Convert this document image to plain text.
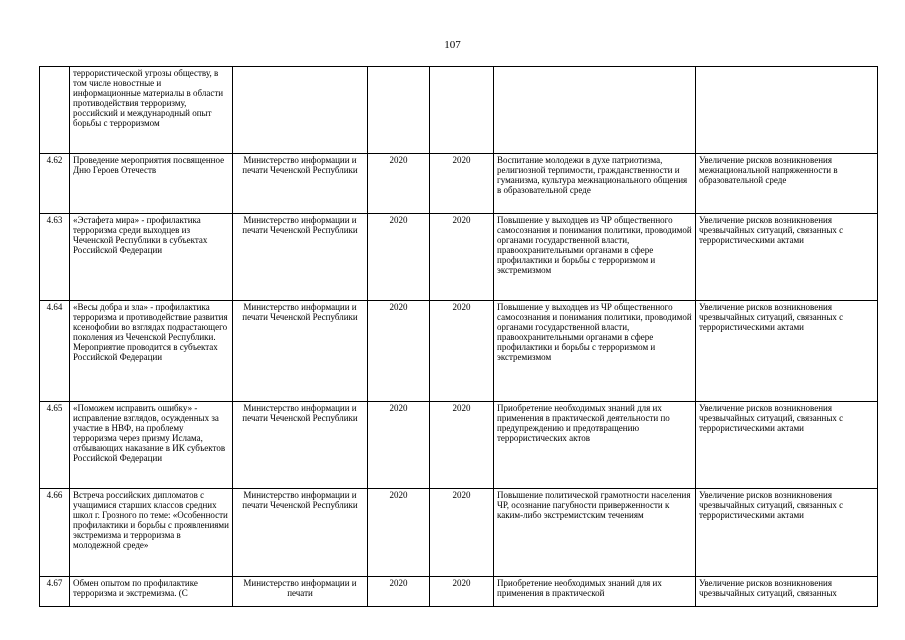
107
	террористической угрозы обществу, в том числе новостные и информационные материалы в области противодействия терроризму, российский и международный опыт борьбы с терроризмом					
4.62	Проведение мероприятия посвященное Дню Героев Отечеств	Министерство информации и печати Чеченской Республики	2020	2020	Воспитание молодежи в духе патриотизма, религиозной терпимости, гражданственности и гуманизма, культура межнационального общения в образовательной среде	Увеличение рисков возникновения межнациональной напряженности в образовательной среде
4.63	«Эстафета мира» - профилактика терроризма среди выходцев из Чеченской Республики в субъектах Российской Федерации	Министерство информации и печати Чеченской Республики	2020	2020	Повышение у выходцев из ЧР общественного самосознания и понимания политики, проводимой органами государственной власти, правоохранительными органами в сфере профилактики и борьбы с терроризмом и экстремизмом	Увеличение рисков возникновения чрезвычайных ситуаций, связанных с террористическими актами
4.64	«Весы добра и зла» - профилактика терроризма и противодействие развития ксенофобии во взглядах подрастающего поколения из Чеченской Республики. Мероприятие проводится в субъектах Российской Федерации	Министерство информации и печати Чеченской Республики	2020	2020	Повышение у выходцев из ЧР общественного самосознания и понимания политики, проводимой органами государственной власти, правоохранительными органами в сфере профилактики и борьбы с терроризмом и экстремизмом	Увеличение рисков возникновения чрезвычайных ситуаций, связанных с террористическими актами
4.65	«Поможем исправить ошибку» - исправление взглядов, осужденных за участие в НВФ, на проблему терроризма через призму Ислама, отбывающих наказание в ИК субъектов Российской Федерации	Министерство информации и печати Чеченской Республики	2020	2020	Приобретение необходимых знаний для их применения в практической деятельности по предупреждению и предотвращению террористических актов	Увеличение рисков возникновения чрезвычайных ситуаций, связанных с террористическими актами
4.66	Встреча российских дипломатов с учащимися старших классов средних школ г. Грозного по теме: «Особенности профилактики и борьбы с проявлениями экстремизма и терроризма в молодежной среде»	Министерство информации и печати Чеченской Республики	2020	2020	Повышение политической грамотности населения ЧР, осознание пагубности приверженности к каким-либо экстремистским течениям	Увеличение рисков возникновения чрезвычайных ситуаций, связанных с террористическими актами
4.67	Обмен опытом по профилактике терроризма и экстремизма. (С	Министерство информации и печати	2020	2020	Приобретение необходимых знаний для их применения в практической	Увеличение рисков возникновения чрезвычайных ситуаций, связанных
